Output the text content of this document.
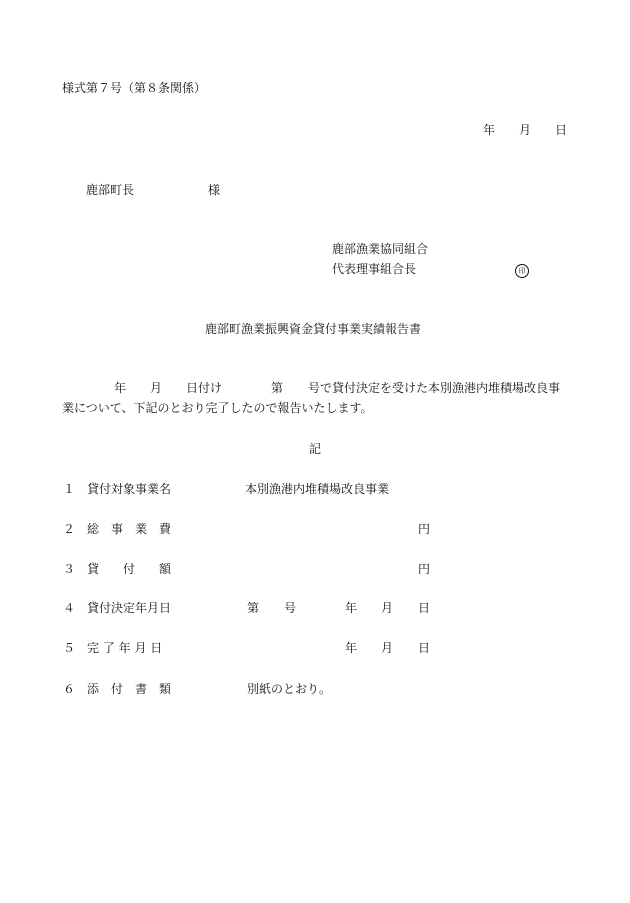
様式第７号（第８条関係）
年 月 日
鹿部町長	様
鹿部漁業協同組合
代表理事組合長	印
鹿部町漁業振興資金貸付事業実績報告書
年 月 日付け	第 号で貸付決定を受けた本別漁港内堆積場改良事
業について、下記のとおり完了したので報告いたします。
記
１ 貸付対象事業名	本別漁港内堆積場改良事業
２ 総　事　業　費	円
３ 貸　　付　　額	円
４ 貸付決定年月日	第 号	年 月 日
５ 完 了 年 月 日	年 月 日
６ 添　付　書　類	別紙のとおり。
